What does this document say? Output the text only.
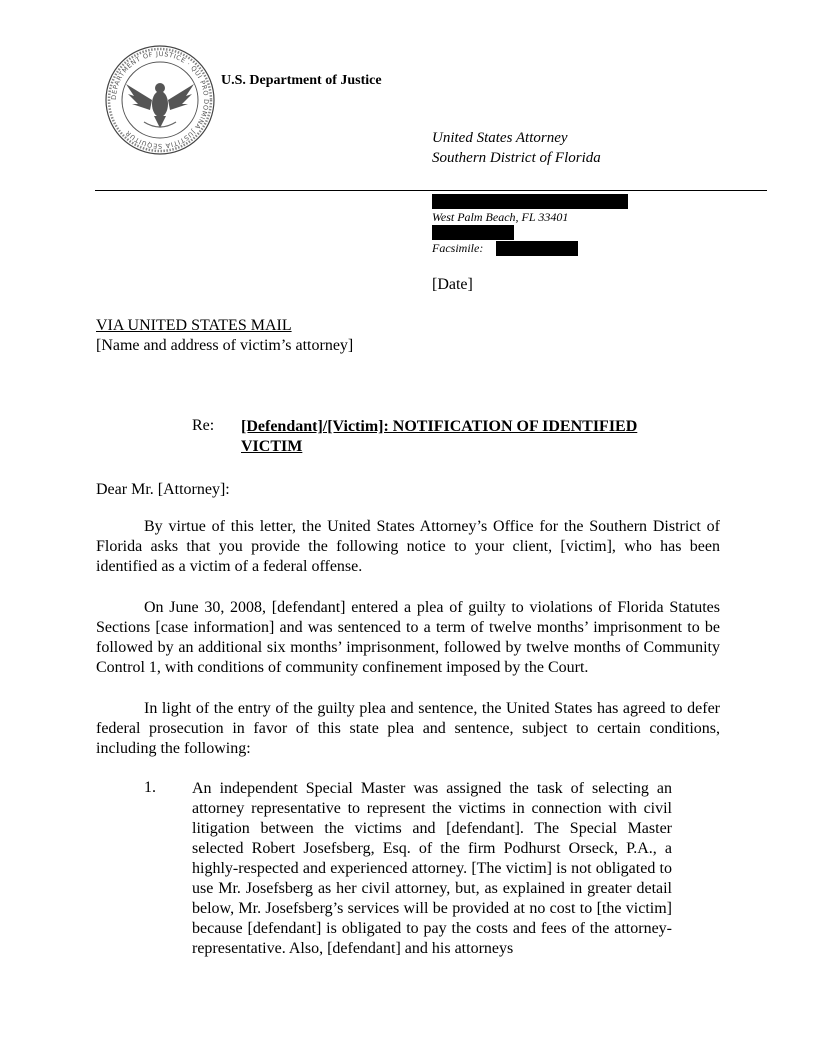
DEPARTMENT OF JUSTICE · QUI PRO DOMINA JUSTITIA SEQUITUR
U.S. Department of Justice
United States Attorney
Southern District of Florida
West Palm Beach, FL 33401
Facsimile:
[Date]
VIA UNITED STATES MAIL
[Name and address of victim’s attorney]
Re: [Defendant]/[Victim]: NOTIFICATION OF IDENTIFIED VICTIM
Dear Mr. [Attorney]:

By virtue of this letter, the United States Attorney’s Office for the Southern District of Florida asks that you provide the following notice to your client, [victim], who has been identified as a victim of a federal offense.

On June 30, 2008, [defendant] entered a plea of guilty to violations of Florida Statutes Sections [case information] and was sentenced to a term of twelve months’ imprisonment to be followed by an additional six months’ imprisonment, followed by twelve months of Community Control 1, with conditions of community confinement imposed by the Court.

In light of the entry of the guilty plea and sentence, the United States has agreed to defer federal prosecution in favor of this state plea and sentence, subject to certain conditions, including the following:

1. An independent Special Master was assigned the task of selecting an attorney representative to represent the victims in connection with civil litigation between the victims and [defendant]. The Special Master selected Robert Josefsberg, Esq. of the firm Podhurst Orseck, P.A., a highly-respected and experienced attorney. [The victim] is not obligated to use Mr. Josefsberg as her civil attorney, but, as explained in greater detail below, Mr. Josefsberg’s services will be provided at no cost to [the victim] because [defendant] is obligated to pay the costs and fees of the attorney-representative. Also, [defendant] and his attorneys
